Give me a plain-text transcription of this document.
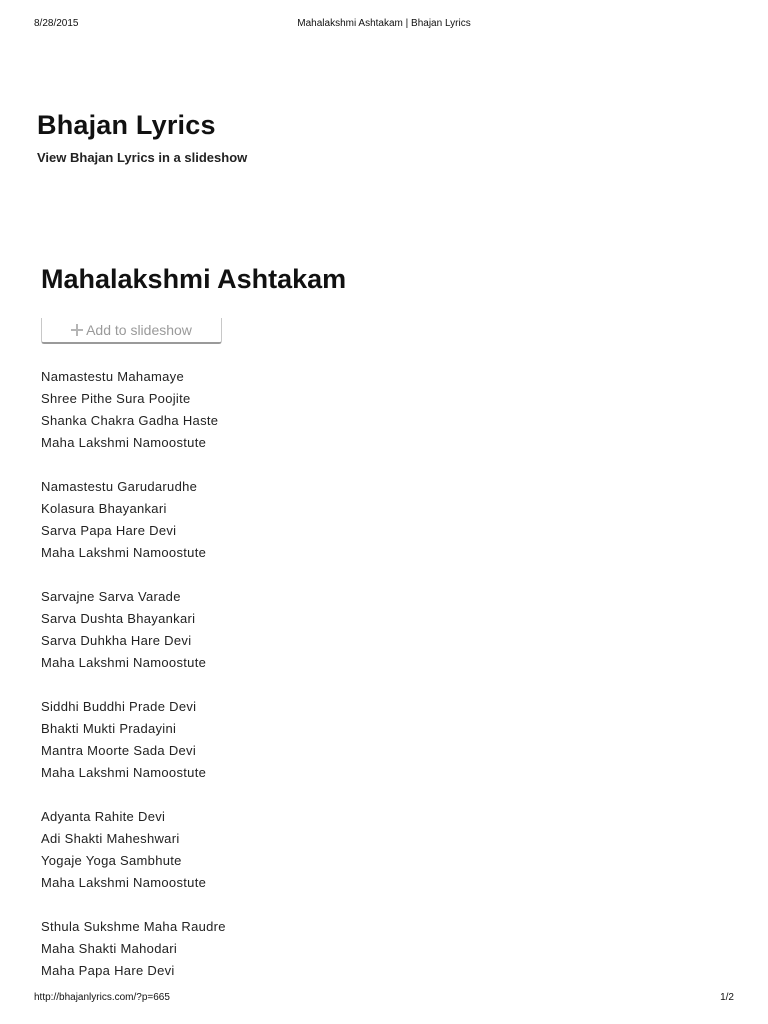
8/28/2015	Mahalakshmi Ashtakam | Bhajan Lyrics
Bhajan Lyrics

View Bhajan Lyrics in a slideshow

Mahalakshmi Ashtakam
Add to slideshow
Namastestu Mahamaye
Shree Pithe Sura Poojite
Shanka Chakra Gadha Haste
Maha Lakshmi Namoostute
Namastestu Garudarudhe
Kolasura Bhayankari
Sarva Papa Hare Devi
Maha Lakshmi Namoostute
Sarvajne Sarva Varade
Sarva Dushta Bhayankari
Sarva Duhkha Hare Devi
Maha Lakshmi Namoostute
Siddhi Buddhi Prade Devi
Bhakti Mukti Pradayini
Mantra Moorte Sada Devi
Maha Lakshmi Namoostute
Adyanta Rahite Devi
Adi Shakti Maheshwari
Yogaje Yoga Sambhute
Maha Lakshmi Namoostute
Sthula Sukshme Maha Raudre
Maha Shakti Mahodari
Maha Papa Hare Devi
http://bhajanlyrics.com/?p=665	1/2
